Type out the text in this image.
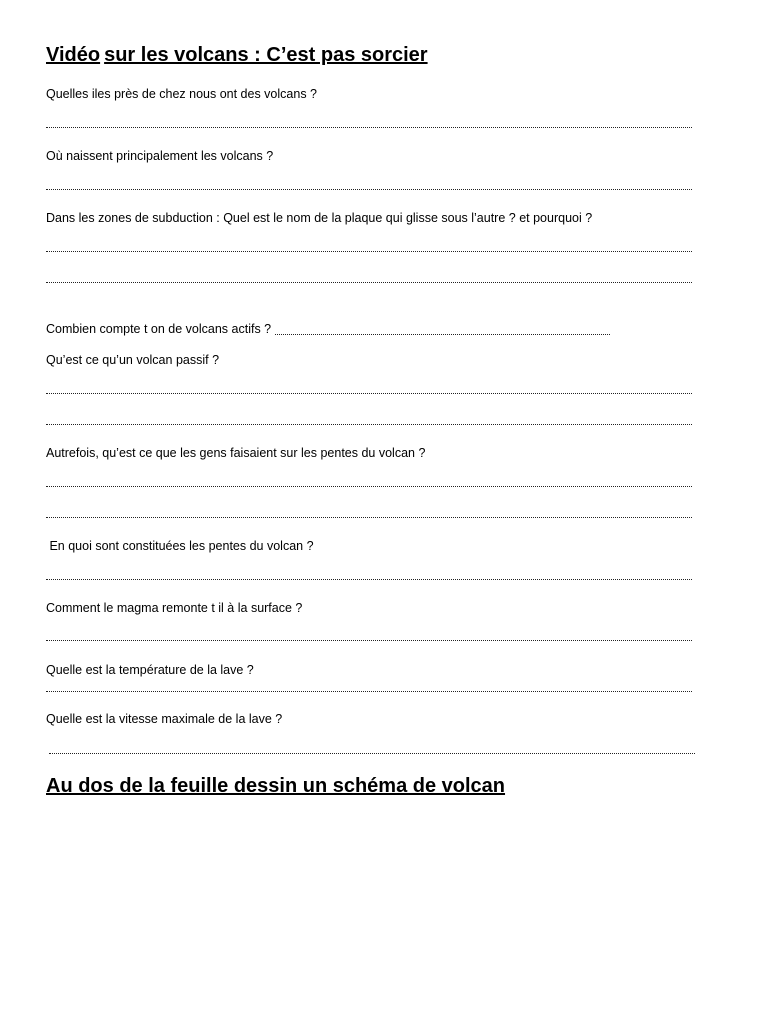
Vidéo sur les volcans : C’est pas sorcier
Quelles iles près de chez nous ont des volcans ?
Où naissent principalement les volcans ?
Dans les zones de subduction : Quel est le nom de la plaque qui glisse sous l’autre ? et pourquoi ?
Combien compte t on de volcans actifs ?
Qu’est ce qu’un volcan passif ?
Autrefois, qu’est ce que les gens faisaient sur les pentes du volcan ?
En quoi sont constituées les pentes du volcan ?
Comment le magma remonte t il à la surface ?
Quelle est la température de la lave ?
Quelle est la vitesse maximale de la lave ?
Au dos de la feuille dessin un schéma de volcan
